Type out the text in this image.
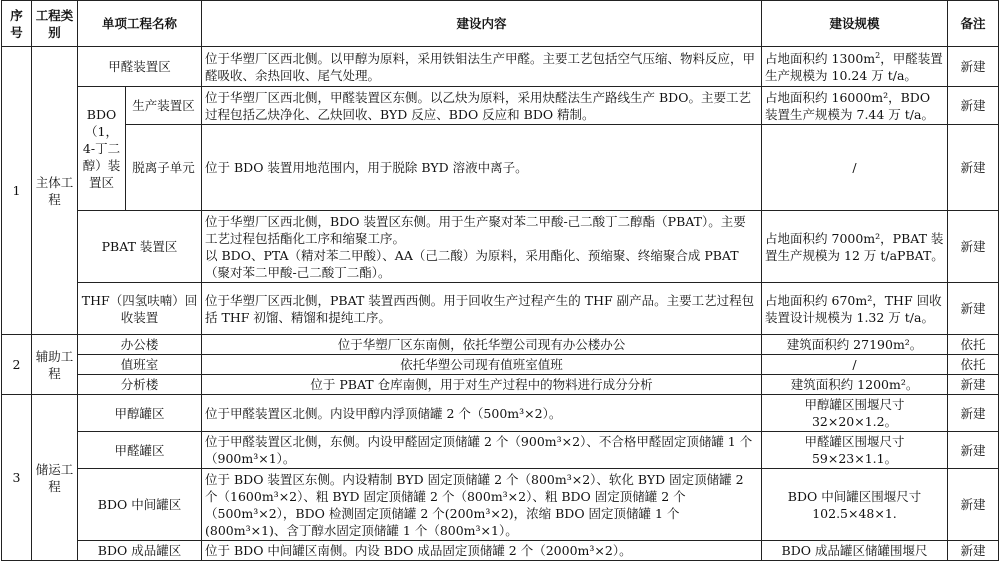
序号	工程类别	单项工程名称		建设内容	建设规模	备注
1	主体工程	甲醛装置区		位于华塑厂区西北侧。以甲醇为原料，采用铁钼法生产甲醛。主要工艺包括空气压缩、物料反应，甲醛吸收、余热回收、尾气处理。	占地面积约 $1300m^2$，甲醛装置生产规模为 10.24 万 t/a。	新建
		BDO（1，4-丁二醇）装置区	生产装置区	位于华塑厂区西北侧，甲醛装置区东侧。以乙炔为原料，采用炔醛法生产路线生产 BDO。主要工艺过程包括乙炔净化、乙炔回收、BYD 反应、BDO 反应和 BDO 精制。	占地面积约 16000m²，BDO 装置生产规模为 7.44 万 t/a。	新建
			脱离子单元	位于 BDO 装置用地范围内，用于脱除 BYD 溶液中离子。	/	新建
		PBAT 装置区		位于华塑厂区西北侧，BDO 装置区东侧。用于生产聚对苯二甲酸-己二酸丁二醇酯（PBAT）。主要工艺过程包括酯化工序和缩聚工序。
以 BDO、PTA（精对苯二甲酸）、AA（己二酸）为原料，采用酯化、预缩聚、终缩聚合成 PBAT（聚对苯二甲酸-己二酸丁二酯）。	占地面积约 7000m²，PBAT 装置生产规模为 12 万 t/aPBAT。	新建
		THF（四氢呋喃）回收装置		位于华塑厂区西北侧，PBAT 装置西西侧。用于回收生产过程产生的 THF 副产品。主要工艺过程包括 THF 初馏、精馏和提纯工序。	占地面积约 670m²，THF 回收装置设计规模为 1.32 万 t/a。	新建

2	辅助工程	办公楼		位于华塑厂区东南侧，依托华塑公司现有办公楼办公	建筑面积约 27190m²。	依托
		值班室		依托华塑公司现有值班室值班	/	依托
		分析楼		位于 PBAT 仓库南侧，用于对生产过程中的物料进行成分分析	建筑面积约 1200m²。	新建
3	储运工程	甲醇罐区		位于甲醛装置区北侧。内设甲醇内浮顶储罐 2 个（500m³×2）。	甲醇罐区围堰尺寸 32×20×1.2。	新建
		甲醛罐区		位于甲醛装置区北侧，东侧。内设甲醛固定顶储罐 2 个（900m³×2）、不合格甲醛固定顶储罐 1 个（900m³×1）。	甲醛罐区围堰尺寸 59×23×1.1。	新建
		BDO 中间罐区		位于 BDO 装置区东侧。内设精制 BYD 固定顶储罐 2 个（800m³×2）、软化 BYD 固定顶储罐 2 个（1600m³×2）、粗 BYD 固定顶储罐 2 个（800m³×2）、粗 BDO 固定顶储罐 2 个（500m³×2），BDO 检测固定顶储罐 2 个(200m³×2)，浓缩 BDO 固定顶储罐 1 个(800m³×1)、含丁醇水固定顶储罐 1 个（800m³×1）。	BDO 中间罐区围堰尺寸 102.5×48×1.	新建
		BDO 成品罐区		位于 BDO 中间罐区南侧。内设 BDO 成品固定顶储罐 2 个（2000m³×2）。	BDO 成品罐区储罐围堰尺	新建
